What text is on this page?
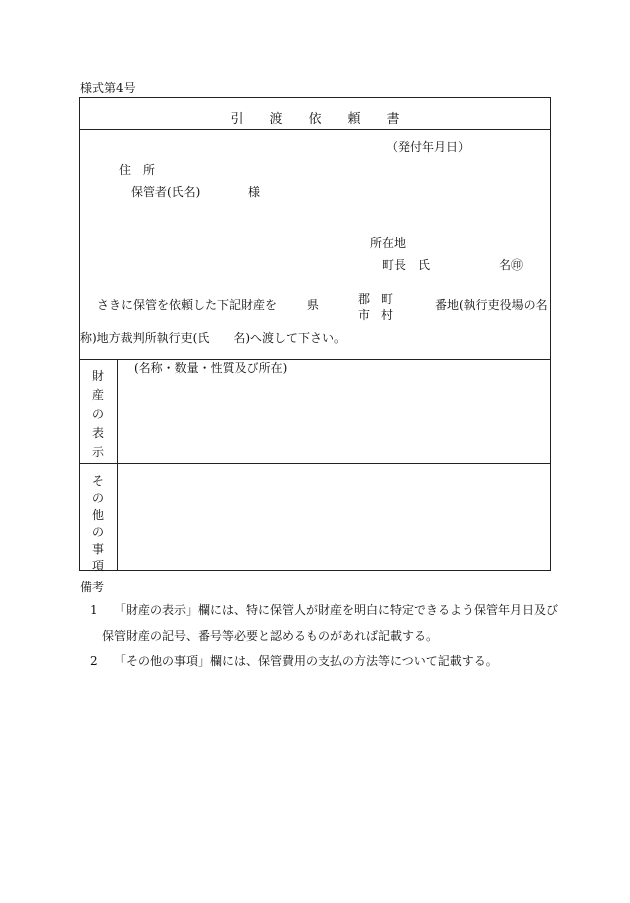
様式第4号
引渡依頼書
（発付年月日）
住　所
保管者(氏名)	様
所在地
町長　氏	名㊞
さきに保管を依頼した下記財産を 県	郡
市
町
村
番地(執行吏役場の名
称)地方裁判所執行吏(氏　　名)へ渡して下さい。
財
産
の
表
示
(名称・数量・性質及び所在)
そ
の
他
の
事
項
備考
1 「財産の表示」欄には、特に保管人が財産を明白に特定できるよう保管年月日及び
保管財産の記号、番号等必要と認めるものがあれば記載する。
2 「その他の事項」欄には、保管費用の支払の方法等について記載する。
